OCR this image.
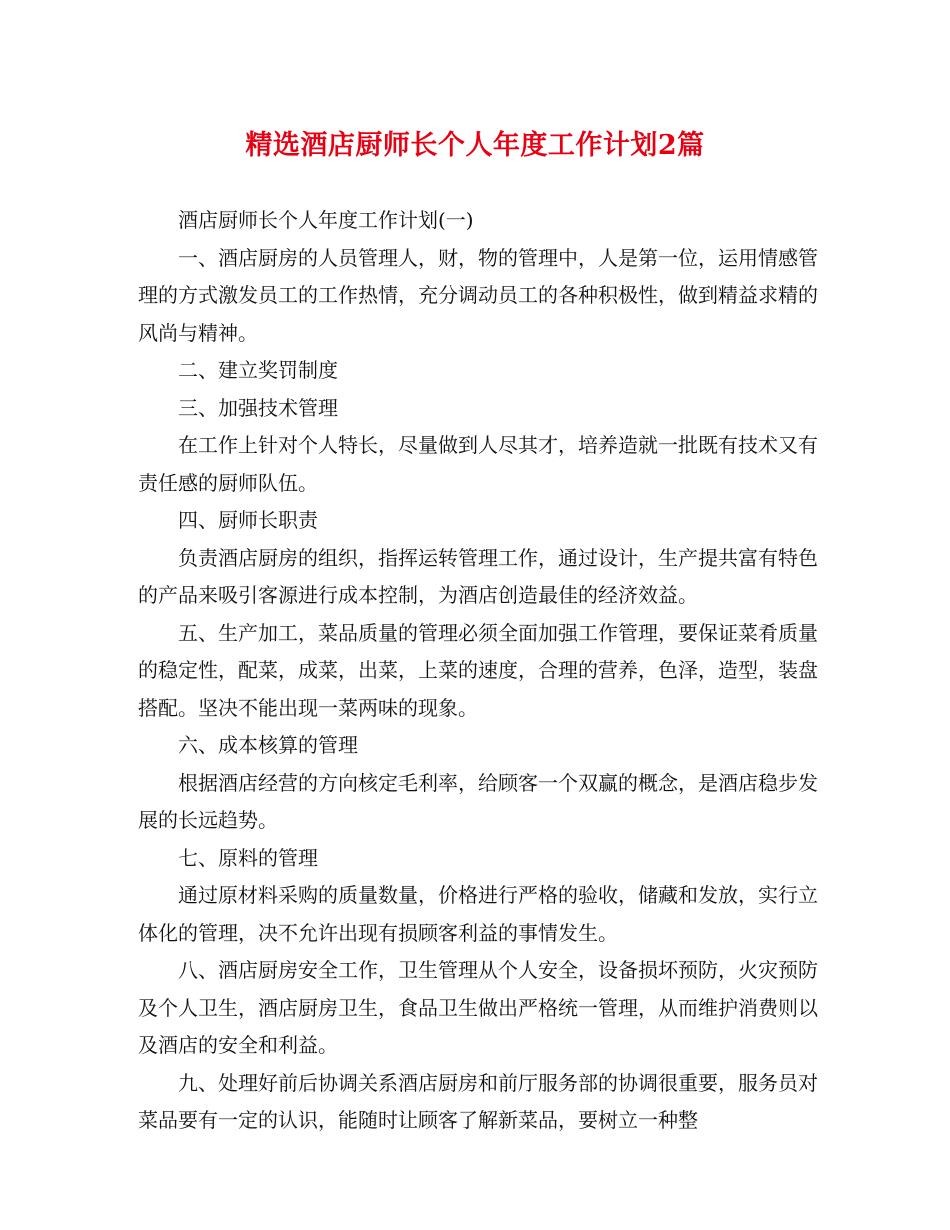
精选酒店厨师长个人年度工作计划2篇

酒店厨师长个人年度工作计划(一)

一、酒店厨房的人员管理人，财，物的管理中，人是第一位，运用情感管理的方式激发员工的工作热情，充分调动员工的各种积极性，做到精益求精的风尚与精神。

二、建立奖罚制度

三、加强技术管理

在工作上针对个人特长，尽量做到人尽其才，培养造就一批既有技术又有责任感的厨师队伍。

四、厨师长职责

负责酒店厨房的组织，指挥运转管理工作，通过设计，生产提共富有特色的产品来吸引客源进行成本控制，为酒店创造最佳的经济效益。

五、生产加工，菜品质量的管理必须全面加强工作管理，要保证菜肴质量的稳定性，配菜，成菜，出菜，上菜的速度，合理的营养，色泽，造型，装盘搭配。坚决不能出现一菜两味的现象。

六、成本核算的管理

根据酒店经营的方向核定毛利率，给顾客一个双赢的概念，是酒店稳步发展的长远趋势。

七、原料的管理

通过原材料采购的质量数量，价格进行严格的验收，储藏和发放，实行立体化的管理，决不允许出现有损顾客利益的事情发生。

八、酒店厨房安全工作，卫生管理从个人安全，设备损坏预防，火灾预防及个人卫生，酒店厨房卫生，食品卫生做出严格统一管理，从而维护消费则以及酒店的安全和利益。

九、处理好前后协调关系酒店厨房和前厅服务部的协调很重要，服务员对菜品要有一定的认识，能随时让顾客了解新菜品，要树立一种整
